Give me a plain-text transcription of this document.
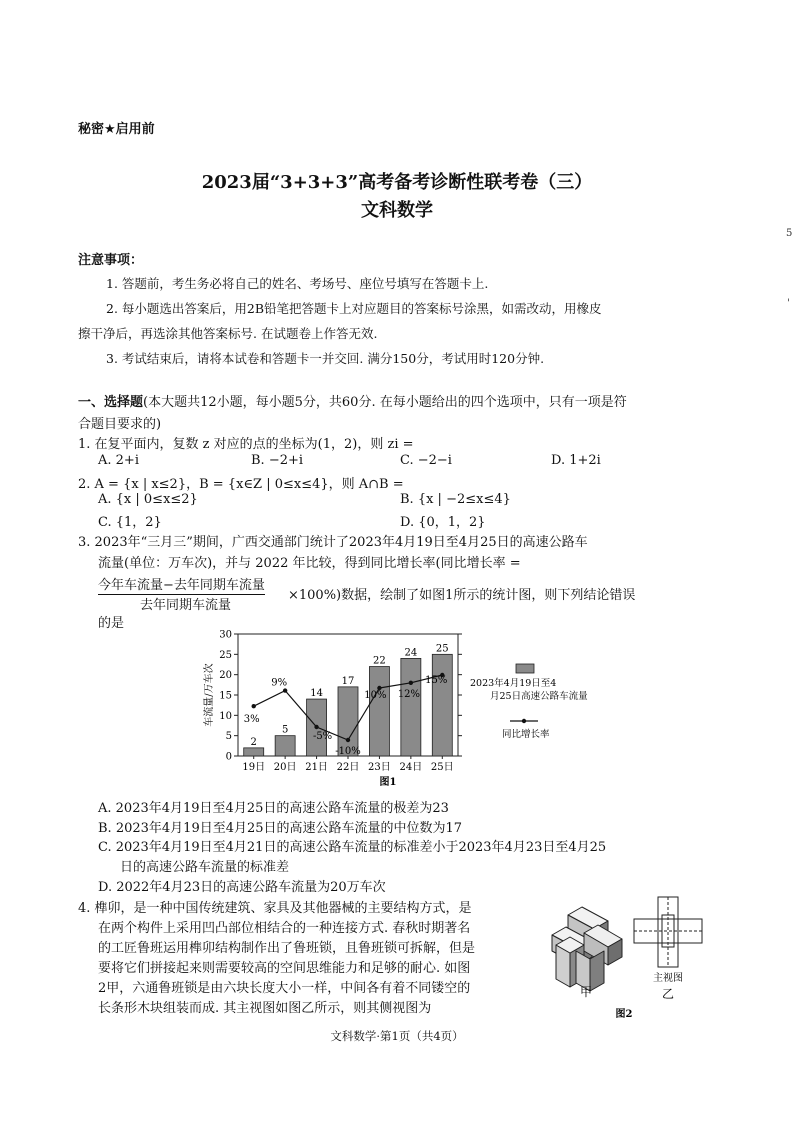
秘密★启用前
2023届“3+3+3”高考备考诊断性联考卷（三）
文科数学
注意事项：
1. 答题前，考生务必将自己的姓名、考场号、座位号填写在答题卡上.
2. 每小题选出答案后，用2B铅笔把答题卡上对应题目的答案标号涂黑，如需改动，用橡皮
擦干净后，再选涂其他答案标号. 在试题卷上作答无效.
3. 考试结束后，请将本试卷和答题卡一并交回. 满分150分，考试用时120分钟.
一、选择题(本大题共12小题，每小题5分，共60分. 在每小题给出的四个选项中，只有一项是符
合题目要求的)
1. 在复平面内，复数 z 对应的点的坐标为(1，2)，则 zi =
A. 2+i	B. −2+i	C. −2−i	D. 1+2i
2. A = {x | x≤2}，B = {x∈Z | 0≤x≤4}，则 A∩B =
A. {x | 0≤x≤2}	B. {x | −2≤x≤4}
C. {1，2}	D. {0，1，2}
3. 2023年“三月三”期间，广西交通部门统计了2023年4月19日至4月25日的高速公路车
流量(单位：万车次)，并与 2022 年比较，得到同比增长率(同比增长率 =
今年车流量−去年同期车流量
去年同期车流量
×100%)数据，绘制了如图1所示的统计图，则下列结论错误
的是
0
5
10
15
20
25
30
车流量/万车次
2
19日
5
20日
14
21日
17
22日
22
23日
24
24日
25
25日
3%
9%
-5%
-10%
10% 12%
15% 2023年4月19日至4
月25日高速公路车流量
同比增长率
图1
A. 2023年4月19日至4月25日的高速公路车流量的极差为23
B. 2023年4月19日至4月25日的高速公路车流量的中位数为17
C. 2023年4月19日至4月21日的高速公路车流量的标准差小于2023年4月23日至4月25
日的高速公路车流量的标准差
D. 2022年4月23日的高速公路车流量为20万车次
4. 榫卯，是一种中国传统建筑、家具及其他器械的主要结构方式，是
在两个构件上采用凹凸部位相结合的一种连接方式. 春秋时期著名
的工匠鲁班运用榫卯结构制作出了鲁班锁，且鲁班锁可拆解，但是
要将它们拼接起来则需要较高的空间思维能力和足够的耐心. 如图
2甲，六通鲁班锁是由六块长度大小一样，中间各有着不同镂空的
长条形木块组装而成. 其主视图如图乙所示，则其侧视图为
甲
主视图
乙
图2
文科数学·第1页（共4页）
5
'
